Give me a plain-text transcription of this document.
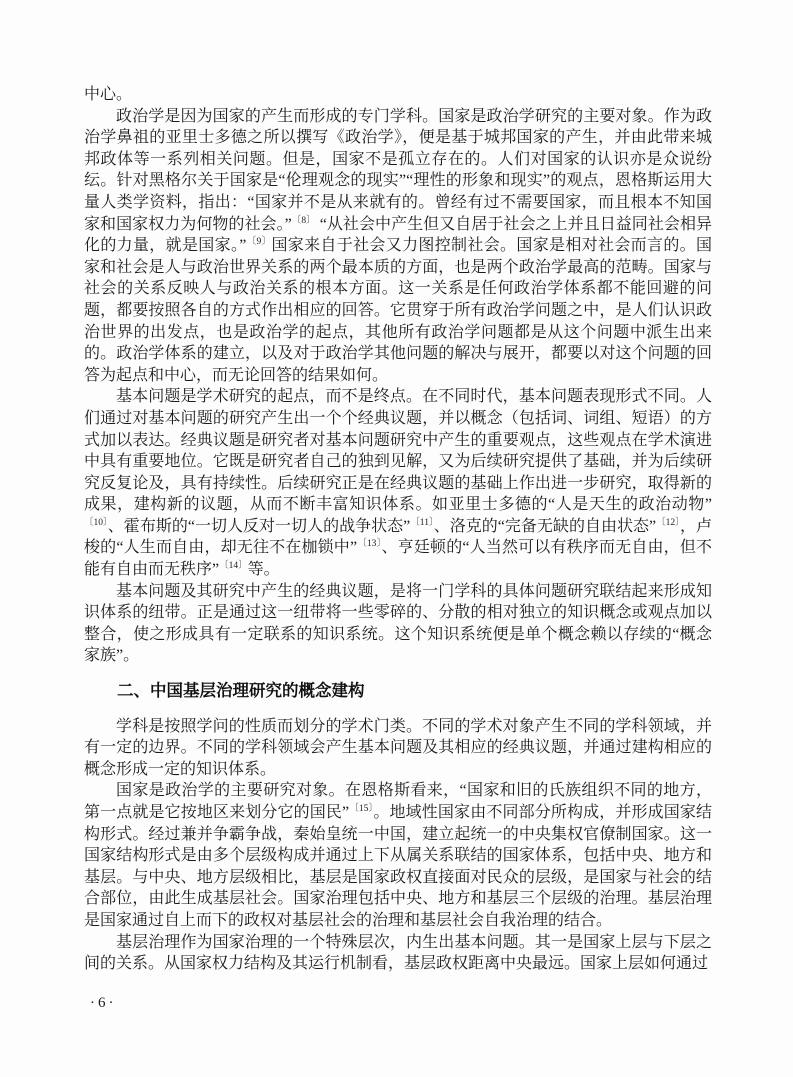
中心。

政治学是因为国家的产生而形成的专门学科。国家是政治学研究的主要对象。作为政治学鼻祖的亚里士多德之所以撰写《政治学》，便是基于城邦国家的产生，并由此带来城邦政体等一系列相关问题。但是，国家不是孤立存在的。人们对国家的认识亦是众说纷纭。针对黑格尔关于国家是“伦理观念的现实”“理性的形象和现实”的观点，恩格斯运用大量人类学资料，指出：“国家并不是从来就有的。曾经有过不需要国家，而且根本不知国家和国家权力为何物的社会。”$^{〔8〕}$ “从社会中产生但又自居于社会之上并且日益同社会相异化的力量，就是国家。”$^{〔9〕}$国家来自于社会又力图控制社会。国家是相对社会而言的。国家和社会是人与政治世界关系的两个最本质的方面，也是两个政治学最高的范畴。国家与社会的关系反映人与政治关系的根本方面。这一关系是任何政治学体系都不能回避的问题，都要按照各自的方式作出相应的回答。它贯穿于所有政治学问题之中，是人们认识政治世界的出发点，也是政治学的起点，其他所有政治学问题都是从这个问题中派生出来的。政治学体系的建立，以及对于政治学其他问题的解决与展开，都要以对这个问题的回答为起点和中心，而无论回答的结果如何。

基本问题是学术研究的起点，而不是终点。在不同时代，基本问题表现形式不同。人们通过对基本问题的研究产生出一个个经典议题，并以概念（包括词、词组、短语）的方式加以表达。经典议题是研究者对基本问题研究中产生的重要观点，这些观点在学术演进中具有重要地位。它既是研究者自己的独到见解，又为后续研究提供了基础，并为后续研究反复论及，具有持续性。后续研究正是在经典议题的基础上作出进一步研究，取得新的成果，建构新的议题，从而不断丰富知识体系。如亚里士多德的“人是天生的政治动物”$^{〔10〕}$、霍布斯的“一切人反对一切人的战争状态”$^{〔11〕}$、洛克的“完备无缺的自由状态”$^{〔12〕}$，卢梭的“人生而自由，却无往不在枷锁中”$^{〔13〕}$、亨廷顿的“人当然可以有秩序而无自由，但不能有自由而无秩序”$^{〔14〕}$等。

基本问题及其研究中产生的经典议题，是将一门学科的具体问题研究联结起来形成知识体系的纽带。正是通过这一纽带将一些零碎的、分散的相对独立的知识概念或观点加以整合，使之形成具有一定联系的知识系统。这个知识系统便是单个概念赖以存续的“概念家族”。

二、中国基层治理研究的概念建构

学科是按照学问的性质而划分的学术门类。不同的学术对象产生不同的学科领域，并有一定的边界。不同的学科领域会产生基本问题及其相应的经典议题，并通过建构相应的概念形成一定的知识体系。

国家是政治学的主要研究对象。在恩格斯看来，“国家和旧的氏族组织不同的地方，第一点就是它按地区来划分它的国民”$^{〔15〕}$。地域性国家由不同部分所构成，并形成国家结构形式。经过兼并争霸争战，秦始皇统一中国，建立起统一的中央集权官僚制国家。这一国家结构形式是由多个层级构成并通过上下从属关系联结的国家体系，包括中央、地方和基层。与中央、地方层级相比，基层是国家政权直接面对民众的层级，是国家与社会的结合部位，由此生成基层社会。国家治理包括中央、地方和基层三个层级的治理。基层治理是国家通过自上而下的政权对基层社会的治理和基层社会自我治理的结合。

基层治理作为国家治理的一个特殊层次，内生出基本问题。其一是国家上层与下层之间的关系。从国家权力结构及其运行机制看，基层政权距离中央最远。国家上层如何通过

·6·
